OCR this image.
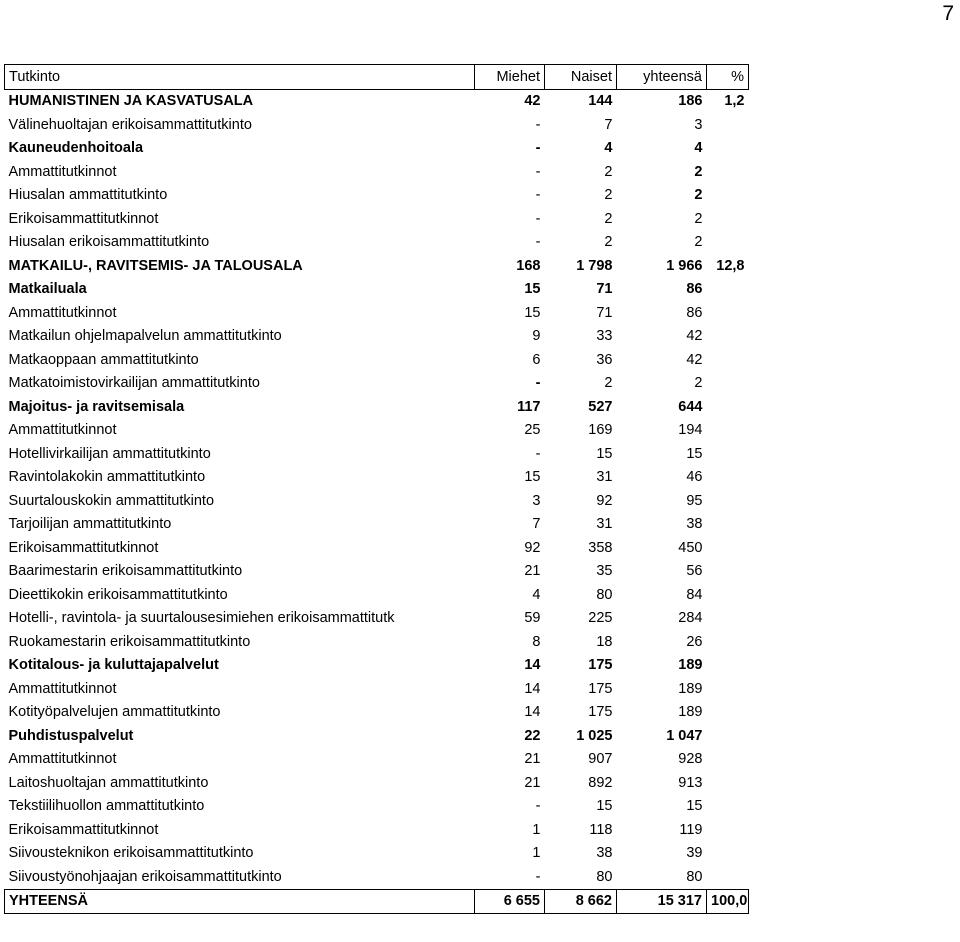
7
Tutkinto	Miehet	Naiset	yhteensä	%
HUMANISTINEN JA KASVATUSALA	42	144	186	1,2
Välinehuoltajan erikoisammattitutkinto	-	7	3	
Kauneudenhoitoala	-	4	4	
Ammattitutkinnot	-	2	2	
Hiusalan ammattitutkinto	-	2	2	
Erikoisammattitutkinnot	-	2	2	
Hiusalan erikoisammattitutkinto	-	2	2	
MATKAILU-, RAVITSEMIS- JA TALOUSALA	168	1 798	1 966	12,8
Matkailuala	15	71	86	
Ammattitutkinnot	15	71	86	
Matkailun ohjelmapalvelun ammattitutkinto	9	33	42	
Matkaoppaan ammattitutkinto	6	36	42	
Matkatoimistovirkailijan ammattitutkinto	-	2	2	
Majoitus- ja ravitsemisala	117	527	644	
Ammattitutkinnot	25	169	194	
Hotellivirkailijan ammattitutkinto	-	15	15	
Ravintolakokin ammattitutkinto	15	31	46	
Suurtalouskokin ammattitutkinto	3	92	95	
Tarjoilijan ammattitutkinto	7	31	38	
Erikoisammattitutkinnot	92	358	450	
Baarimestarin erikoisammattitutkinto	21	35	56	
Dieettikokin erikoisammattitutkinto	4	80	84	
Hotelli-, ravintola- ja suurtalousesimiehen erikoisammattitutk	59	225	284	
Ruokamestarin erikoisammattitutkinto	8	18	26	
Kotitalous- ja kuluttajapalvelut	14	175	189	
Ammattitutkinnot	14	175	189	
Kotityöpalvelujen ammattitutkinto	14	175	189	
Puhdistuspalvelut	22	1 025	1 047	
Ammattitutkinnot	21	907	928	
Laitoshuoltajan ammattitutkinto	21	892	913	
Tekstiilihuollon ammattitutkinto	-	15	15	
Erikoisammattitutkinnot	1	118	119	
Siivousteknikon erikoisammattitutkinto	1	38	39	
Siivoustyönohjaajan erikoisammattitutkinto	-	80	80	
YHTEENSÄ	6 655	8 662	15 317	100,0
